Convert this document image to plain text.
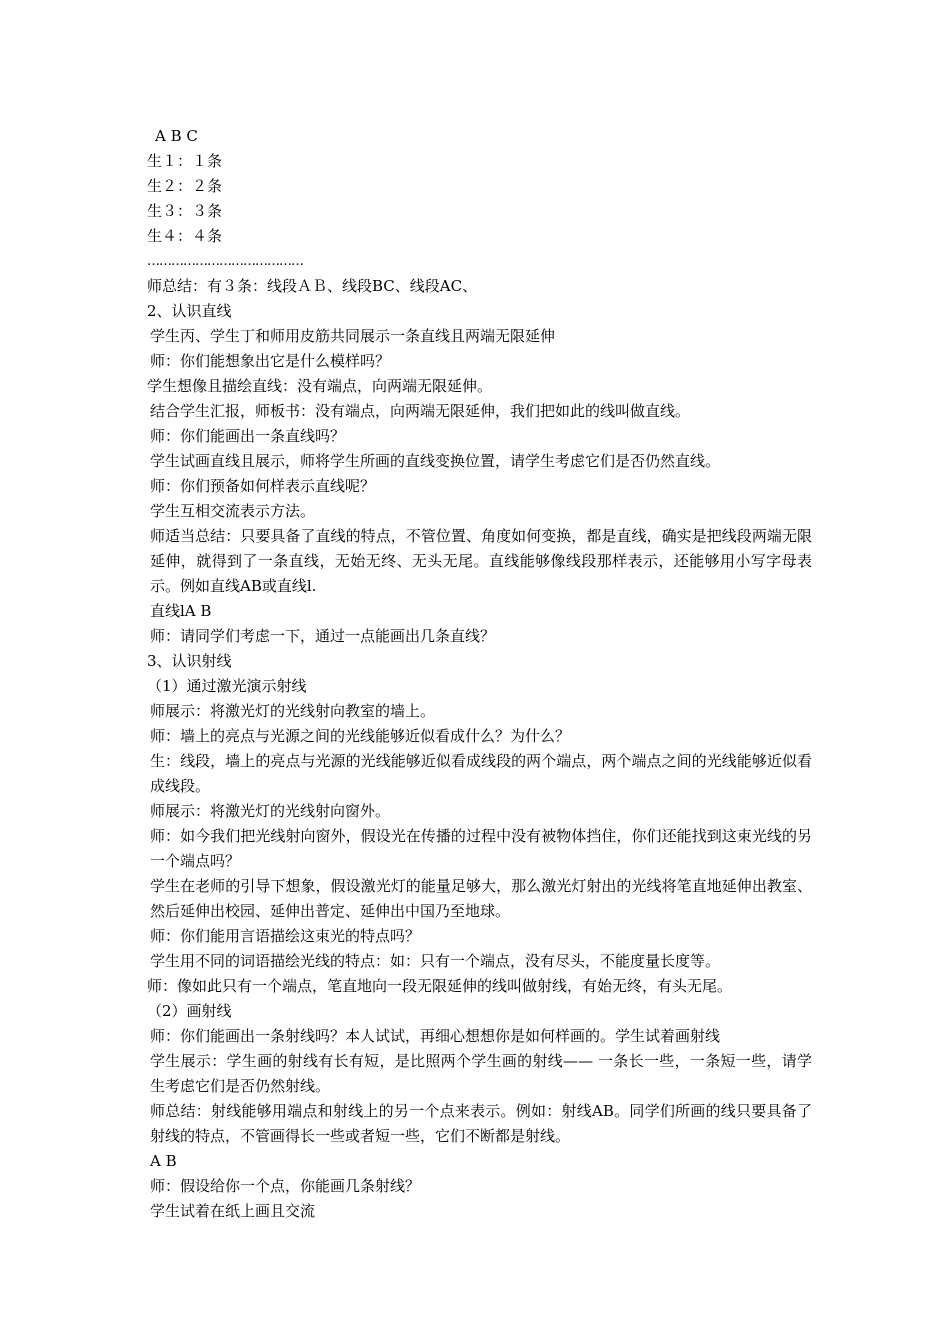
A B C
生１：１条
生２：２条
生３：３条
生４：４条
…………………………………
师总结：有３条：线段ＡＢ、线段BC、线段AC、
2、认识直线
学生丙、学生丁和师用皮筋共同展示一条直线且两端无限延伸
师：你们能想象出它是什么模样吗？
学生想像且描绘直线：没有端点，向两端无限延伸。
结合学生汇报，师板书：没有端点，向两端无限延伸，我们把如此的线叫做直线。
师：你们能画出一条直线吗？
学生试画直线且展示，师将学生所画的直线变换位置，请学生考虑它们是否仍然直线。
师：你们预备如何样表示直线呢？
学生互相交流表示方法。
师适当总结：只要具备了直线的特点，不管位置、角度如何变换，都是直线，确实是把线段两端无限延伸，就得到了一条直线，无始无终、无头无尾。直线能够像线段那样表示，还能够用小写字母表示。例如直线AB或直线l.
直线lA B
师：请同学们考虑一下，通过一点能画出几条直线？
3、认识射线
（1）通过激光演示射线
师展示：将激光灯的光线射向教室的墙上。
师：墙上的亮点与光源之间的光线能够近似看成什么？为什么？
生：线段，墙上的亮点与光源的光线能够近似看成线段的两个端点，两个端点之间的光线能够近似看成线段。
师展示：将激光灯的光线射向窗外。
师：如今我们把光线射向窗外，假设光在传播的过程中没有被物体挡住，你们还能找到这束光线的另一个端点吗？
学生在老师的引导下想象，假设激光灯的能量足够大，那么激光灯射出的光线将笔直地延伸出教室、然后延伸出校园、延伸出普定、延伸出中国乃至地球。
师：你们能用言语描绘这束光的特点吗？
学生用不同的词语描绘光线的特点：如：只有一个端点，没有尽头，不能度量长度等。
师：像如此只有一个端点，笔直地向一段无限延伸的线叫做射线，有始无终，有头无尾。
（2）画射线
师：你们能画出一条射线吗？本人试试，再细心想想你是如何样画的。学生试着画射线
学生展示：学生画的射线有长有短，是比照两个学生画的射线—— 一条长一些，一条短一些，请学生考虑它们是否仍然射线。
师总结：射线能够用端点和射线上的另一个点来表示。例如：射线AB。同学们所画的线只要具备了射线的特点，不管画得长一些或者短一些，它们不断都是射线。
A B
师：假设给你一个点，你能画几条射线？
学生试着在纸上画且交流
